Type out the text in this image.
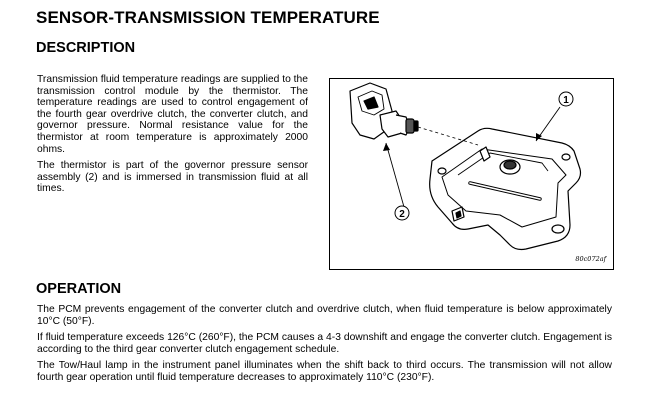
SENSOR-TRANSMISSION TEMPERATURE
DESCRIPTION

Transmission fluid temperature readings are supplied to the transmission control module by the thermistor. The temperature readings are used to control engagement of the fourth gear overdrive clutch, the converter clutch, and governor pressure. Normal resistance value for the thermistor at room temperature is approximately 2000 ohms.

The thermistor is part of the governor pressure sensor assembly (2) and is immersed in transmission fluid at all times.

1
2
80c072af
OPERATION

The PCM prevents engagement of the converter clutch and overdrive clutch, when fluid temperature is below approximately 10°C (50°F).

If fluid temperature exceeds 126°C (260°F), the PCM causes a 4-3 downshift and engage the converter clutch. Engagement is according to the third gear converter clutch engagement schedule.

The Tow/Haul lamp in the instrument panel illuminates when the shift back to third occurs. The transmission will not allow fourth gear operation until fluid temperature decreases to approximately 110°C (230°F).
